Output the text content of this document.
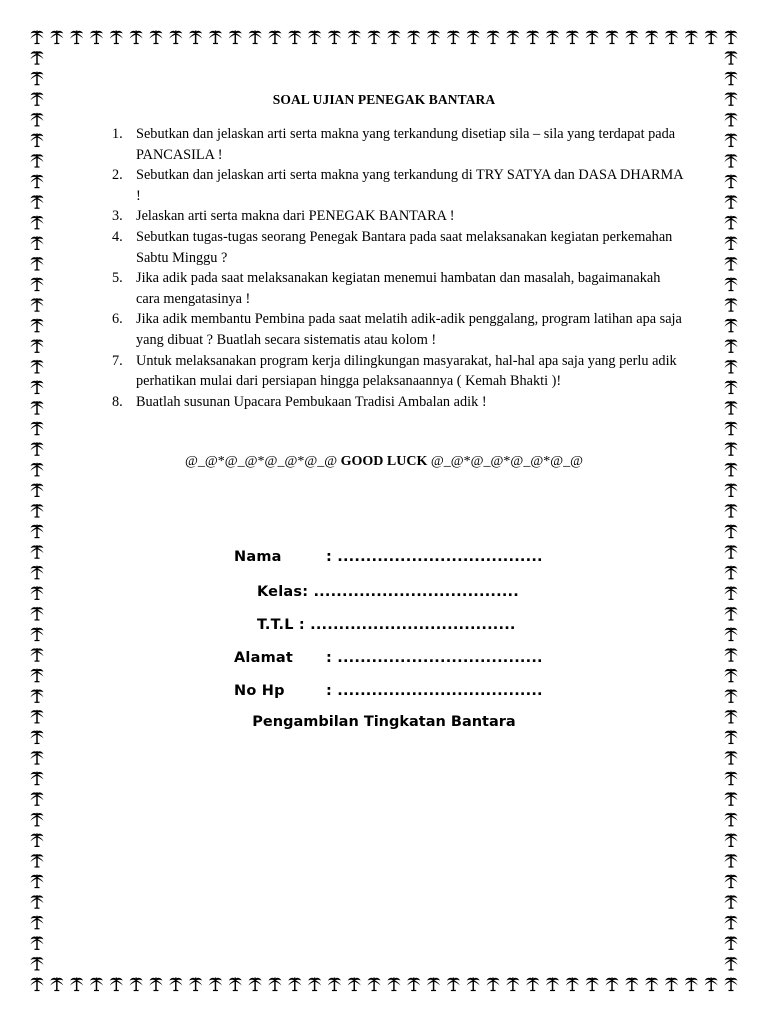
SOAL UJIAN PENEGAK BANTARA
1. Sebutkan dan jelaskan arti serta makna yang terkandung disetiap sila – sila yang terdapat pada PANCASILA !
2. Sebutkan dan jelaskan arti serta makna yang terkandung di TRY SATYA dan DASA DHARMA !
3. Jelaskan arti serta makna dari PENEGAK BANTARA !
4. Sebutkan tugas-tugas seorang Penegak Bantara pada saat melaksanakan kegiatan perkemahan Sabtu Minggu ?
5. Jika adik pada saat melaksanakan kegiatan menemui hambatan dan masalah, bagaimanakah cara mengatasinya !
6. Jika adik membantu Pembina pada saat melatih adik-adik penggalang, program latihan apa saja yang dibuat ? Buatlah secara sistematis atau kolom !
7. Untuk melaksanakan program kerja dilingkungan masyarakat, hal-hal apa saja yang perlu adik perhatikan mulai dari persiapan hingga pelaksanaannya ( Kemah Bhakti )!
8. Buatlah susunan Upacara Pembukaan Tradisi Ambalan adik !
@_@*@_@*@_@*@_@ GOOD LUCK @_@*@_@*@_@*@_@
Nama	: ....................................
Kelas: ....................................
T.T.L : ....................................
Alamat : ....................................
No Hp	: ....................................
Pengambilan Tingkatan Bantara
